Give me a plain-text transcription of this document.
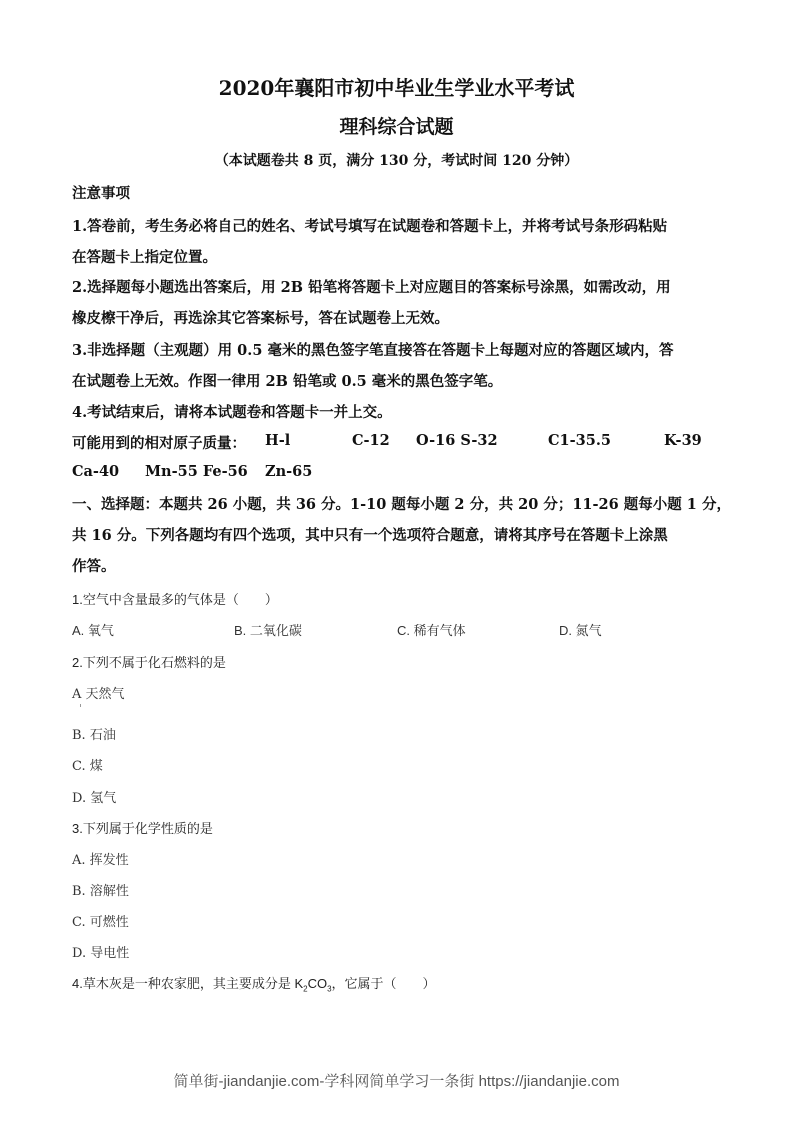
2020年襄阳市初中毕业生学业水平考试
理科综合试题
（本试题卷共 8 页，满分 130 分，考试时间 120 分钟）
注意事项
1.答卷前，考生务必将自己的姓名、考试号填写在试题卷和答题卡上，并将考试号条形码粘贴
在答题卡上指定位置。
2.选择题每小题选出答案后，用 2B 铅笔将答题卡上对应题目的答案标号涂黑，如需改动，用
橡皮檫干净后，再选涂其它答案标号，答在试题卷上无效。
3.非选择题（主观题）用 0.5 毫米的黑色签字笔直接答在答题卡上每题对应的答题区域内，答
在试题卷上无效。作图一律用 2B 铅笔或 0.5 毫米的黑色签字笔。
4.考试结束后，请将本试题卷和答题卡一并上交。
可能用到的相对原子质量： H-l	C-12 O-16 S-32	C1-35.5	K-39
Ca-40 Mn-55 Fe-56 Zn-65
一、选择题：本题共 26 小题，共 36 分。1-10 题每小题 2 分，共 20 分；11-26 题每小题 1 分，
共 16 分。下列各题均有四个选项，其中只有一个选项符合题意，请将其序号在答题卡上涂黑
作答。
1.空气中含量最多的气体是（　　）
A. 氧气	B. 二氧化碳	C. 稀有气体	D. 氮气
2.下列不属于化石燃料的是
A 天然气
B. 石油
C. 煤
D. 氢气
3.下列属于化学性质的是
A. 挥发性
B. 溶解性
C. 可燃性
D. 导电性
4.草木灰是一种农家肥，其主要成分是 $K_2CO_3$，它属于（　　）
简单街-jiandanjie.com-学科网简单学习一条街 https://jiandanjie.com
